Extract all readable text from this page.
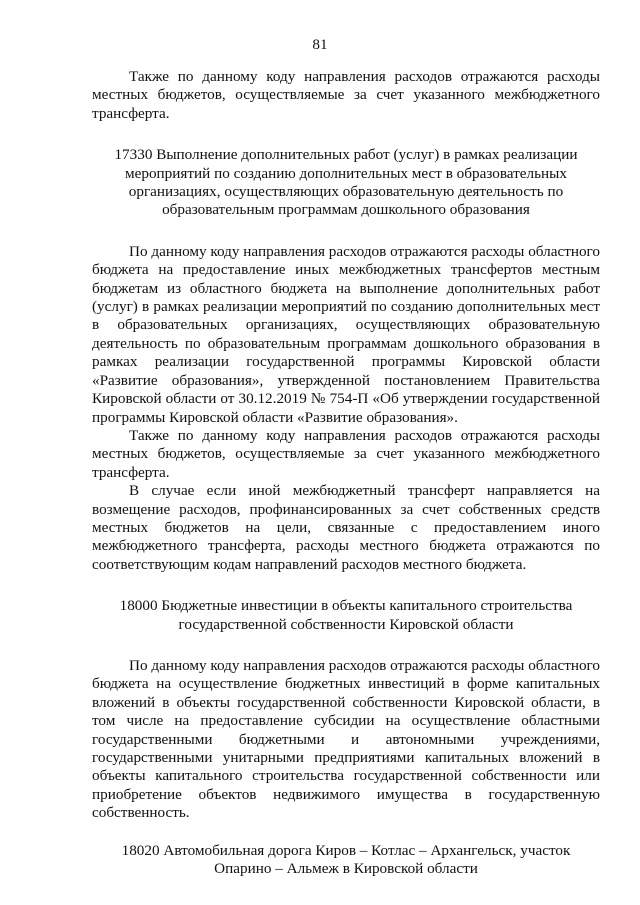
81

Также по данному коду направления расходов отражаются расходы местных бюджетов, осуществляемые за счет указанного межбюджетного трансферта.

17330 Выполнение дополнительных работ (услуг) в рамках реализации мероприятий по созданию дополнительных мест в образовательных организациях, осуществляющих образовательную деятельность по образовательным программам дошкольного образования

По данному коду направления расходов отражаются расходы областного бюджета на предоставление иных межбюджетных трансфертов местным бюджетам из областного бюджета на выполнение дополнительных работ (услуг) в рамках реализации мероприятий по созданию дополнительных мест в образовательных организациях, осуществляющих образовательную деятельность по образовательным программам дошкольного образования в рамках реализации государственной программы Кировской области «Развитие образования», утвержденной постановлением Правительства Кировской области от 30.12.2019 № 754-П «Об утверждении государственной программы Кировской области «Развитие образования».

Также по данному коду направления расходов отражаются расходы местных бюджетов, осуществляемые за счет указанного межбюджетного трансферта.

В случае если иной межбюджетный трансферт направляется на возмещение расходов, профинансированных за счет собственных средств местных бюджетов на цели, связанные с предоставлением иного межбюджетного трансферта, расходы местного бюджета отражаются по соответствующим кодам направлений расходов местного бюджета.

18000 Бюджетные инвестиции в объекты капитального строительства государственной собственности Кировской области

По данному коду направления расходов отражаются расходы областного бюджета на осуществление бюджетных инвестиций в форме капитальных вложений в объекты государственной собственности Кировской области, в том числе на предоставление субсидии на осуществление областными государственными бюджетными и автономными учреждениями, государственными унитарными предприятиями капитальных вложений в объекты капитального строительства государственной собственности или приобретение объектов недвижимого имущества в государственную собственность.

18020 Автомобильная дорога Киров – Котлас – Архангельск, участок Опарино – Альмеж в Кировской области
